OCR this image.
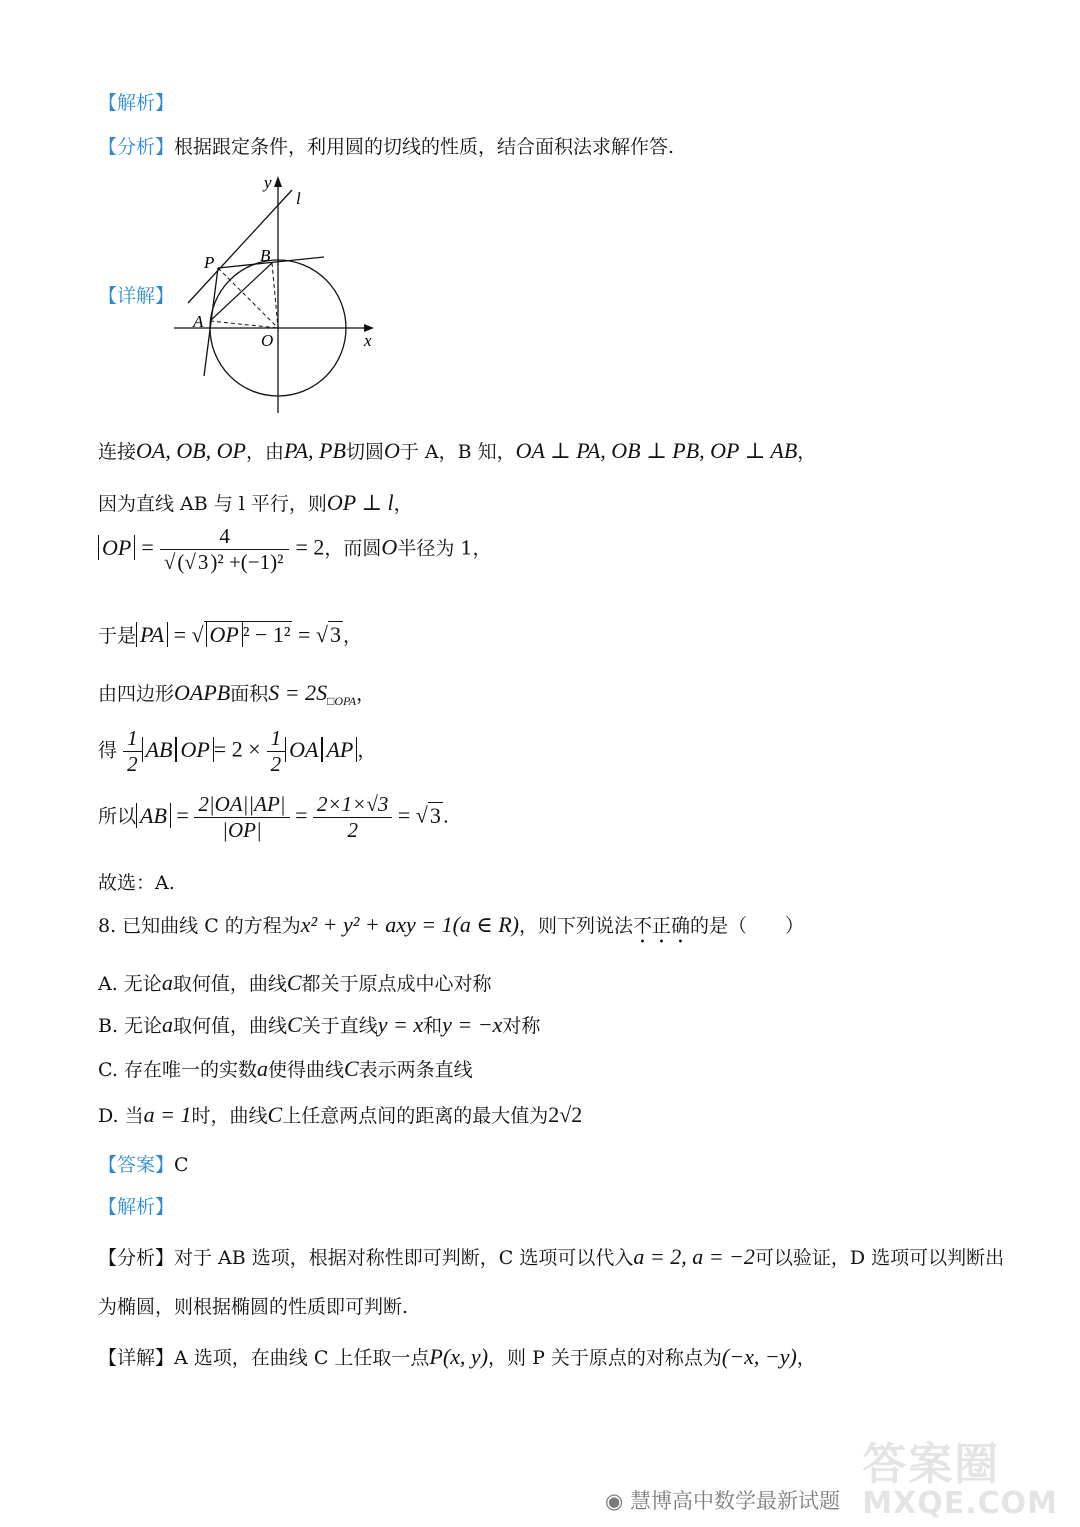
【解析】
【分析】根据跟定条件，利用圆的切线的性质，结合面积法求解作答.
【详解】
y
l
P	B
A
O	x
连接OA, OB, OP，由PA, PB切圆O于 A，B 知，OA ⊥ PA, OB ⊥ PB, OP ⊥ AB，
因为直线 AB 与 l 平行，则OP ⊥ l，
OP = $\frac{4}{\text{√(√3)² +(−1)²}} = 2$，而圆O半径为 1，
于是 PA = √ OP ² − 1² = √3 ，
由四边形OAPB面积$S = 2S_{□OPA}$，
得 $\frac{1}{2}$ AB OP = $2 \times \frac{1}{2}$ OA AP ，
所以 AB = $\frac{2|OA||AP|}{|OP|} = \frac{2\times 1\times√3}{2} = √3$ .
故选：A.
8. 已知曲线 C 的方程为x² + y² + axy = 1(a ∈ R)，则下列说法不正确的是（　　）
A. 无论a取何值，曲线C都关于原点成中心对称
B. 无论a取何值，曲线C关于直线y = x和y = −x对称
C. 存在唯一的实数a使得曲线C表示两条直线
D. 当a = 1时，曲线C上任意两点间的距离的最大值为2√2
【答案】C
【解析】
【分析】对于 AB 选项，根据对称性即可判断，C 选项可以代入a = 2, a = −2可以验证，D 选项可以判断出
为椭圆，则根据椭圆的性质即可判断.
【详解】A 选项，在曲线 C 上任取一点P(x, y)，则 P 关于原点的对称点为(−x, −y)，
◉ 慧博高中数学最新试题
答案圈
MXQE.COM
